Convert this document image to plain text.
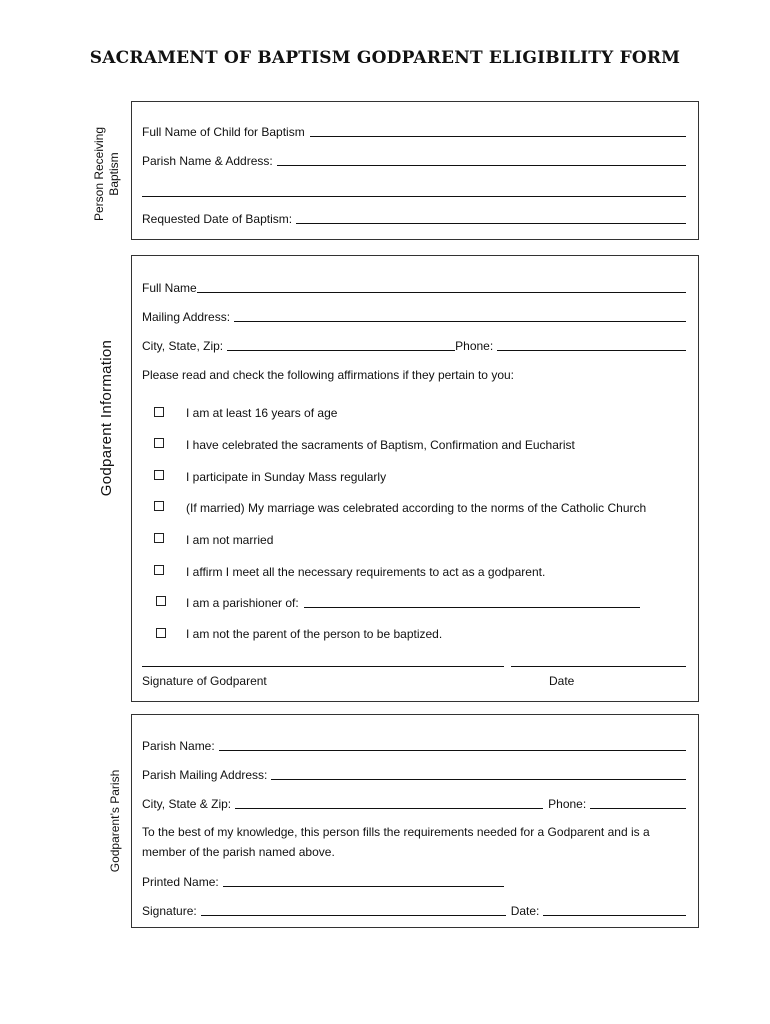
SACRAMENT OF BAPTISM GODPARENT ELIGIBILITY FORM
Person Receiving Baptism
Full Name of Child for Baptism
Parish Name & Address:
Requested Date of Baptism:
Godparent Information
Full Name
Mailing Address:
City, State, Zip:	Phone:
Please read and check the following affirmations if they pertain to you:
I am at least 16 years of age
I have celebrated the sacraments of Baptism, Confirmation and Eucharist
I participate in Sunday Mass regularly
(If married) My marriage was celebrated according to the norms of the Catholic Church
I am not married
I affirm I meet all the necessary requirements to act as a godparent.
I am a parishioner of:
I am not the parent of the person to be baptized.
Signature of Godparent	Date
Godparent’s Parish
Parish Name:
Parish Mailing Address:
City, State & Zip:	Phone:
To the best of my knowledge, this person fills the requirements needed for a Godparent and is a member of the parish named above.
Printed Name:
Signature:	Date:
